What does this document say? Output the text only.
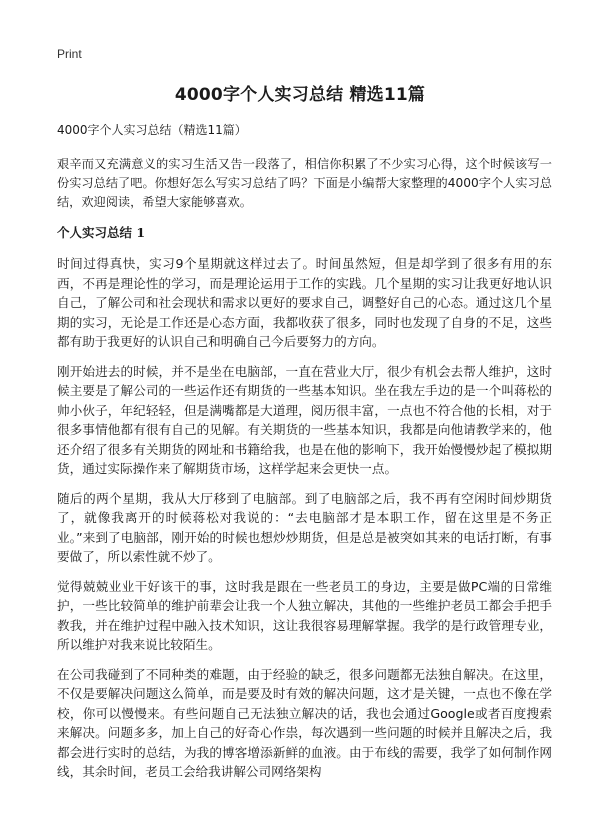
Print
4000字个人实习总结 精选11篇

4000字个人实习总结（精选11篇）

艰辛而又充满意义的实习生活又告一段落了，相信你积累了不少实习心得，这个时候该写一份实习总结了吧。你想好怎么写实习总结了吗？下面是小编帮大家整理的4000字个人实习总结，欢迎阅读，希望大家能够喜欢。

个人实习总结 1

时间过得真快，实习9个星期就这样过去了。时间虽然短，但是却学到了很多有用的东西，不再是理论性的学习，而是理论运用于工作的实践。几个星期的实习让我更好地认识自己，了解公司和社会现状和需求以更好的要求自己，调整好自己的心态。通过这几个星期的实习，无论是工作还是心态方面，我都收获了很多，同时也发现了自身的不足，这些都有助于我更好的认识自己和明确自己今后要努力的方向。

刚开始进去的时候，并不是坐在电脑部，一直在营业大厅，很少有机会去帮人维护，这时候主要是了解公司的一些运作还有期货的一些基本知识。坐在我左手边的是一个叫蒋松的帅小伙子，年纪轻轻，但是满嘴都是大道理，阅历很丰富，一点也不符合他的长相，对于很多事情他都有很有自己的见解。有关期货的一些基本知识，我都是向他请教学来的，他还介绍了很多有关期货的网址和书籍给我，也是在他的影响下，我开始慢慢炒起了模拟期货，通过实际操作来了解期货市场，这样学起来会更快一点。

随后的两个星期，我从大厅移到了电脑部。到了电脑部之后，我不再有空闲时间炒期货了，就像我离开的时候蒋松对我说的：“去电脑部才是本职工作，留在这里是不务正业。”来到了电脑部，刚开始的时候也想炒炒期货，但是总是被突如其来的电话打断，有事要做了，所以索性就不炒了。

觉得兢兢业业干好该干的事，这时我是跟在一些老员工的身边，主要是做PC端的日常维护，一些比较简单的维护前辈会让我一个人独立解决，其他的一些维护老员工都会手把手教我，并在维护过程中融入技术知识，这让我很容易理解掌握。我学的是行政管理专业，所以维护对我来说比较陌生。

在公司我碰到了不同种类的难题，由于经验的缺乏，很多问题都无法独自解决。在这里，不仅是要解决问题这么简单，而是要及时有效的解决问题，这才是关键，一点也不像在学校，你可以慢慢来。有些问题自己无法独立解决的话，我也会通过Google或者百度搜索来解决。问题多多，加上自己的好奇心作祟，每次遇到一些问题的时候并且解决之后，我都会进行实时的总结，为我的博客增添新鲜的血液。由于布线的需要，我学了如何制作网线，其余时间，老员工会给我讲解公司网络架构
